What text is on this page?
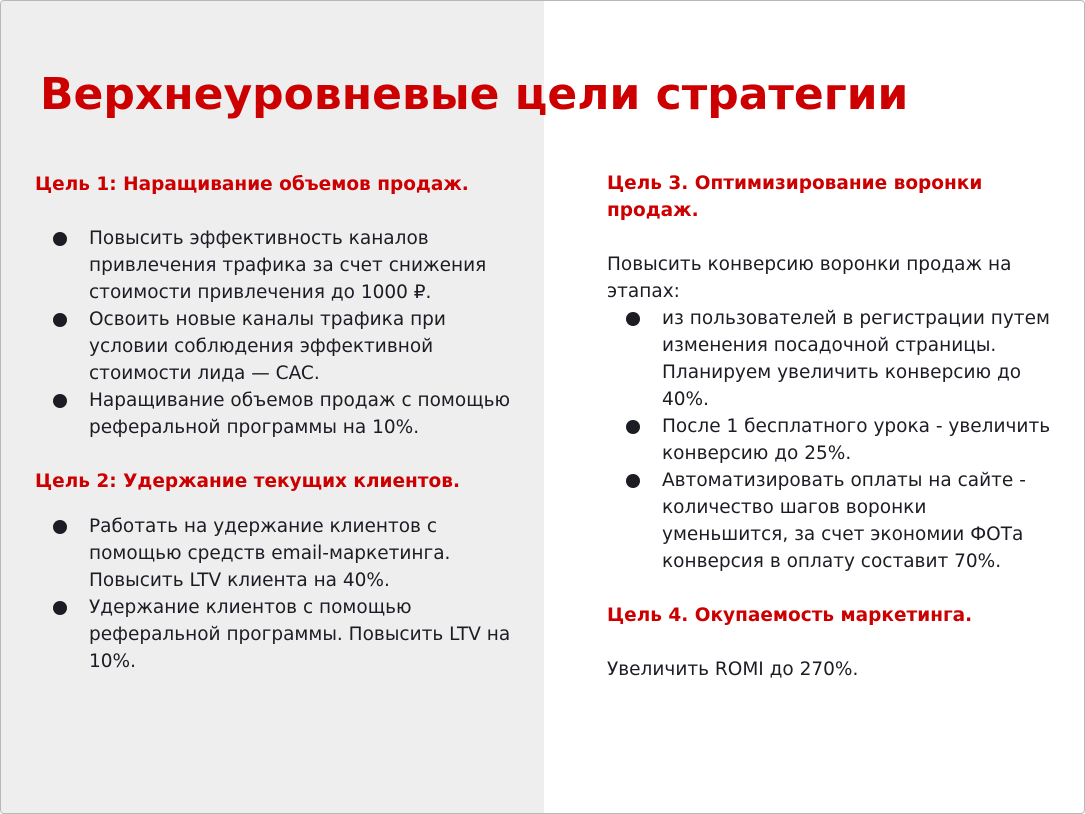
Верхнеуровневые цели стратегии

Цель 1: Наращивание объемов продаж.

Повысить эффективность каналов привлечения трафика за счет снижения стоимости привлечения до 1000 ₽.
Освоить новые каналы трафика при условии соблюдения эффективной стоимости лида — CAC.
Наращивание объемов продаж с помощью реферальной программы на 10%.

Цель 2: Удержание текущих клиентов.

Работать на удержание клиентов с помощью средств email-маркетинга. Повысить LTV клиента на 40%.
Удержание клиентов с помощью реферальной программы. Повысить LTV на 10%.

Цель 3. Оптимизирование воронки продаж.

Повысить конверсию воронки продаж на этапах:

из пользователей в регистрации путем изменения посадочной страницы. Планируем увеличить конверсию до 40%.
После 1 бесплатного урока - увеличить конверсию до 25%.
Автоматизировать оплаты на сайте - количество шагов воронки уменьшится, за счет экономии ФОТа конверсия в оплату составит 70%.

Цель 4. Окупаемость маркетинга.

Увеличить ROMI до 270%.
